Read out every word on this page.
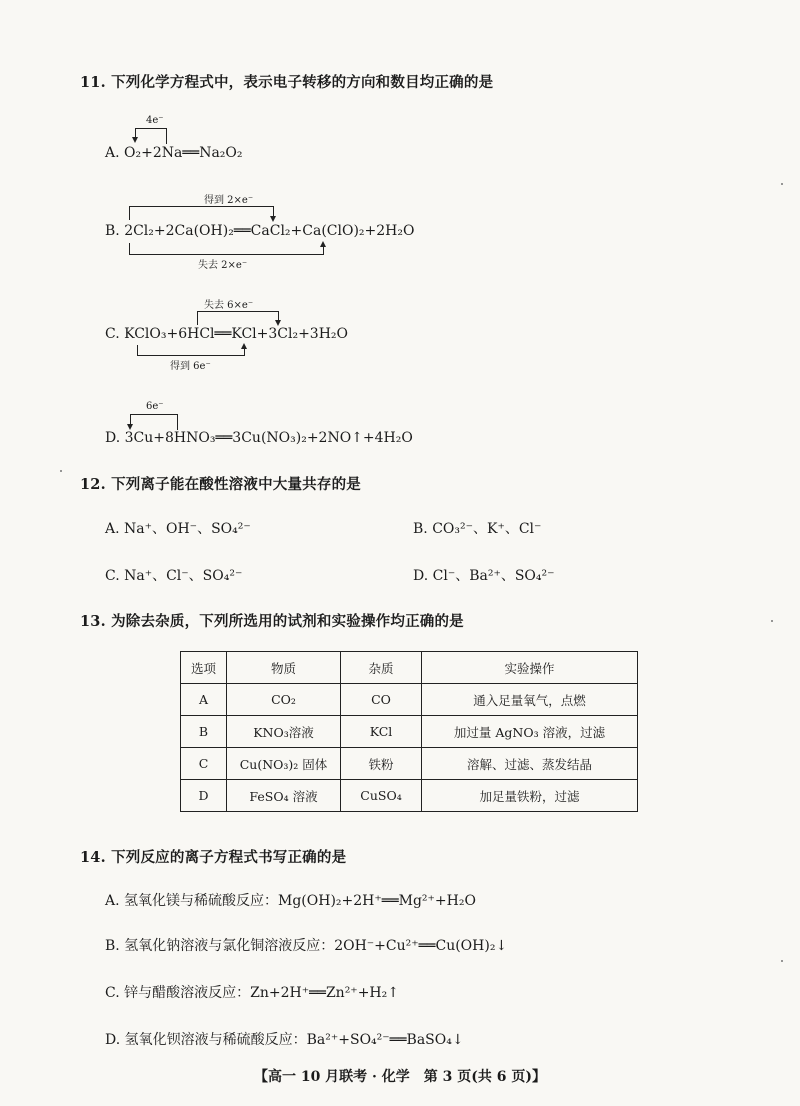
11. 下列化学方程式中，表示电子转移的方向和数目均正确的是
4e⁻
A. O₂+2Na══Na₂O₂
得到 2×e⁻
B. 2Cl₂+2Ca(OH)₂══CaCl₂+Ca(ClO)₂+2H₂O
失去 2×e⁻
失去 6×e⁻
C. KClO₃+6HCl══KCl+3Cl₂+3H₂O
得到 6e⁻
6e⁻
D. 3Cu+8HNO₃══3Cu(NO₃)₂+2NO↑+4H₂O
12. 下列离子能在酸性溶液中大量共存的是
A. Na⁺、OH⁻、SO₄²⁻	B. CO₃²⁻、K⁺、Cl⁻
C. Na⁺、Cl⁻、SO₄²⁻	D. Cl⁻、Ba²⁺、SO₄²⁻
13. 为除去杂质，下列所选用的试剂和实验操作均正确的是
选项	物质	杂质	实验操作
A	CO₂	CO	通入足量氧气，点燃
B	KNO₃溶液	KCl	加过量 AgNO₃ 溶液，过滤
C	Cu(NO₃)₂ 固体	铁粉	溶解、过滤、蒸发结晶
D	FeSO₄ 溶液	CuSO₄	加足量铁粉，过滤
14. 下列反应的离子方程式书写正确的是
A. 氢氧化镁与稀硫酸反应：Mg(OH)₂+2H⁺══Mg²⁺+H₂O
B. 氢氧化钠溶液与氯化铜溶液反应：2OH⁻+Cu²⁺══Cu(OH)₂↓
C. 锌与醋酸溶液反应：Zn+2H⁺══Zn²⁺+H₂↑
D. 氢氧化钡溶液与稀硫酸反应：Ba²⁺+SO₄²⁻══BaSO₄↓
【高一 10 月联考 · 化学　第 3 页(共 6 页)】
